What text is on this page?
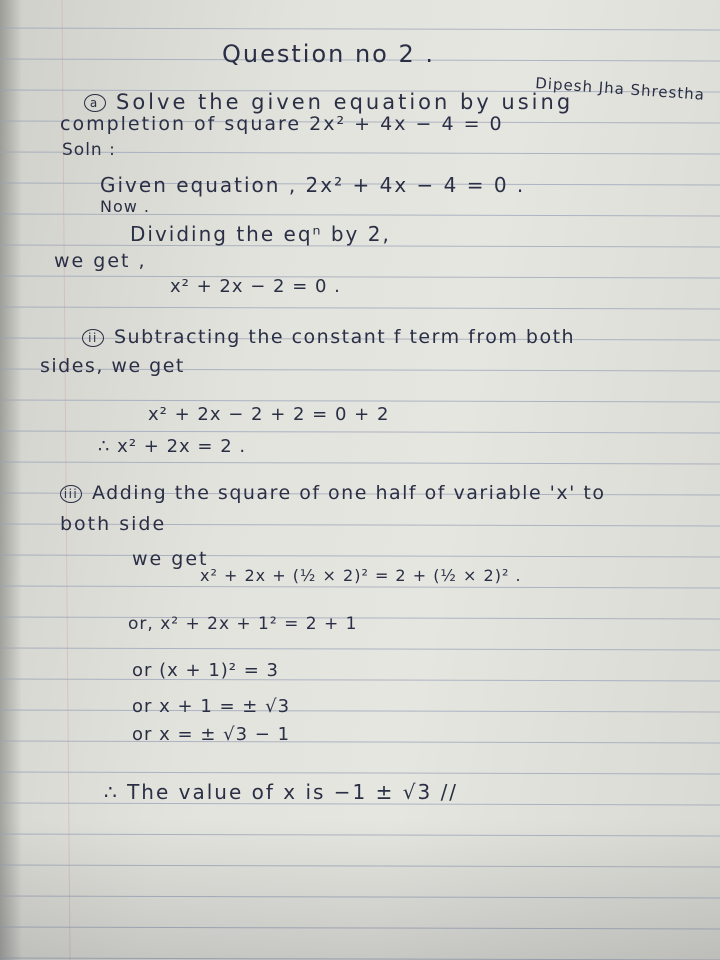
Question no 2 .
Dipesh Jha Shrestha
a Solve the given equation by using
completion of square 2x² + 4x − 4 = 0
Soln :
Given equation , 2x² + 4x − 4 = 0 .
Now .
Dividing the eqⁿ by 2,
we get ,
x² + 2x − 2 = 0 .
ii Subtracting the constant f term from both
sides, we get
x² + 2x − 2 + 2 = 0 + 2
∴ x² + 2x = 2 .
iii Adding the square of one half of variable 'x' to
both side
we get
x² + 2x + (½ × 2)² = 2 + (½ × 2)² .
or, x² + 2x + 1² = 2 + 1
or (x + 1)² = 3
or x + 1 = ± √3
or x = ± √3 − 1
∴ The value of x is −1 ± √3 //
